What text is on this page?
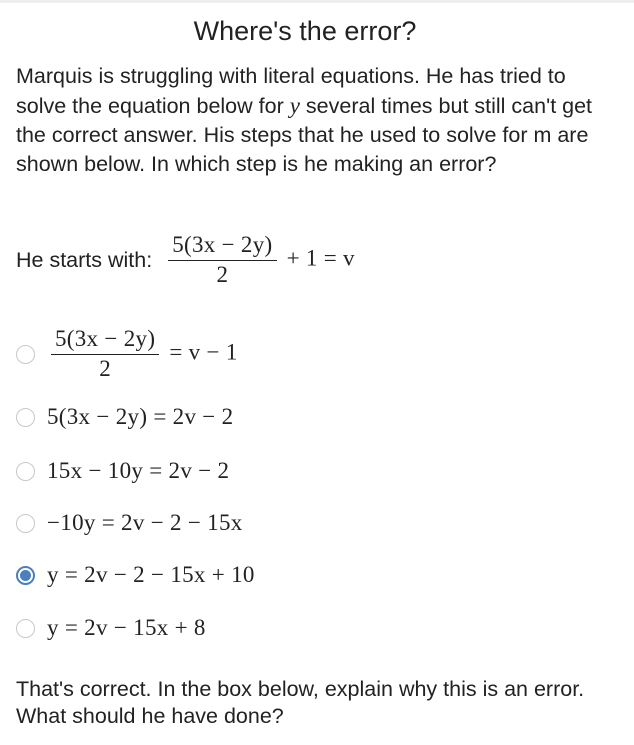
Where's the error?
Marquis is struggling with literal equations. He has tried to solve the equation below for y several times but still can't get the correct answer. His steps that he used to solve for m are shown below. In which step is he making an error?
He starts with: $\frac{5(3x - 2y)}{2} + 1 = v$
$\frac{5(3x - 2y)}{2} = v - 1$
5(3x − 2y) = 2v − 2
15x − 10y = 2v − 2
−10y = 2v − 2 − 15x
y = 2v − 2 − 15x + 10
y = 2v − 15x + 8
That's correct. In the box below, explain why this is an error. What should he have done?
